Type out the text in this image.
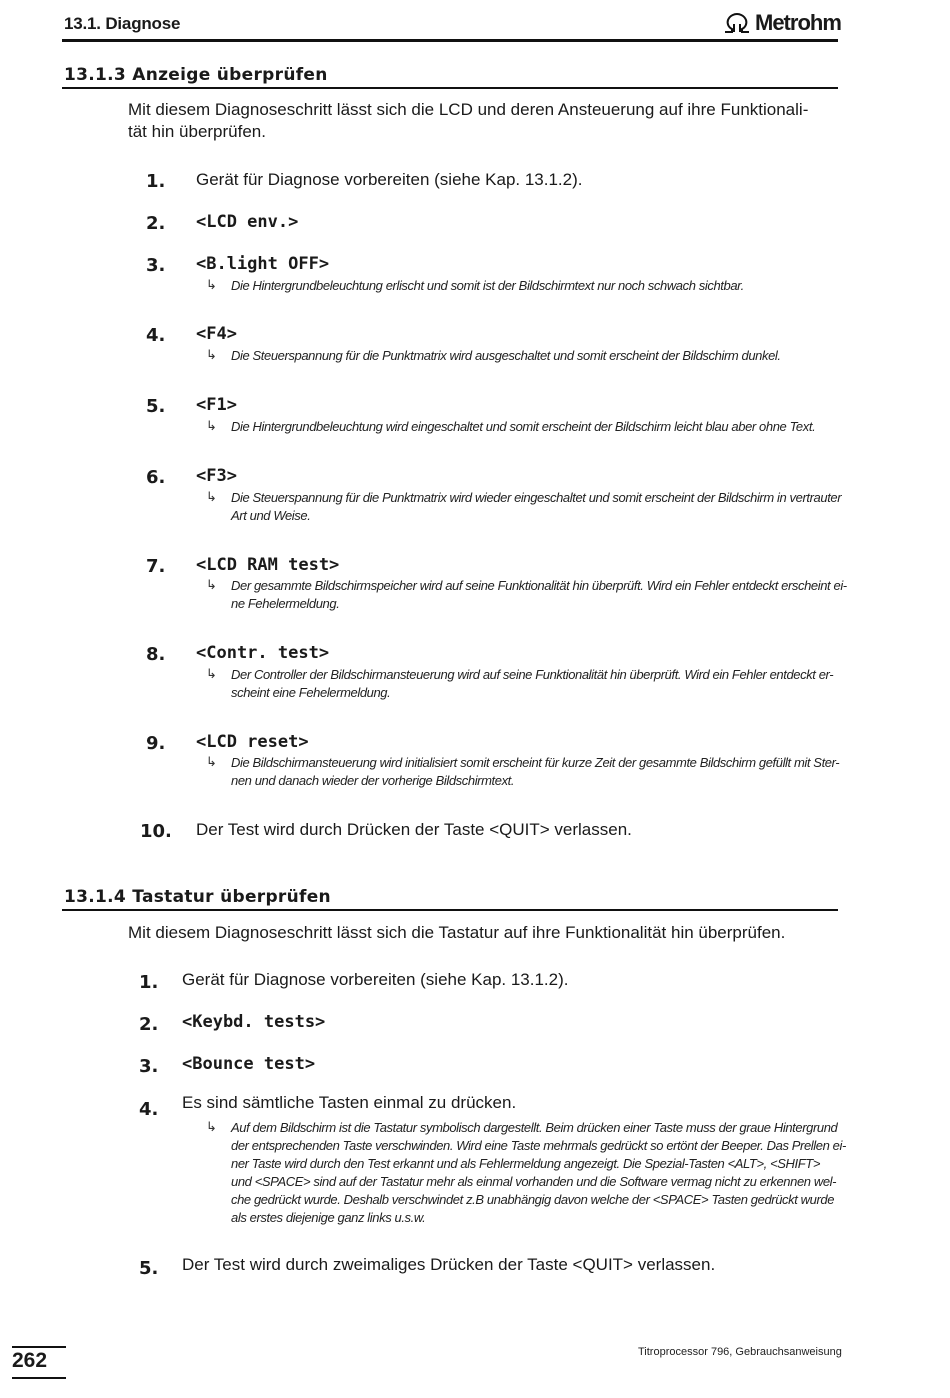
13.1. Diagnose	Metrohm
13.1.3 Anzeige überprüfen
Mit diesem Diagnoseschritt lässt sich die LCD und deren Ansteuerung auf ihre Funktionali-
tät hin überprüfen.
1. Gerät für Diagnose vorbereiten (siehe Kap. 13.1.2).
2. <LCD env.>
3. <B.light OFF>
↳ Die Hintergrundbeleuchtung erlischt und somit ist der Bildschirmtext nur noch schwach sichtbar.
4. <F4>
↳ Die Steuerspannung für die Punktmatrix wird ausgeschaltet und somit erscheint der Bildschirm dunkel.
5. <F1>
↳ Die Hintergrundbeleuchtung wird eingeschaltet und somit erscheint der Bildschirm leicht blau aber ohne Text.
6. <F3>
↳ Die Steuerspannung für die Punktmatrix wird wieder eingeschaltet und somit erscheint der Bildschirm in vertrauter
Art und Weise.
7. <LCD RAM test>
↳ Der gesammte Bildschirmspeicher wird auf seine Funktionalität hin überprüft. Wird ein Fehler entdeckt erscheint ei-
ne Fehelermeldung.
8. <Contr. test>
↳ Der Controller der Bildschirmansteuerung wird auf seine Funktionalität hin überprüft. Wird ein Fehler entdeckt er-
scheint eine Fehelermeldung.
9. <LCD reset>
↳ Die Bildschirmansteuerung wird initialisiert somit erscheint für kurze Zeit der gesammte Bildschirm gefüllt mit Ster-
nen und danach wieder der vorherige Bildschirmtext.
10. Der Test wird durch Drücken der Taste <QUIT> verlassen.
13.1.4 Tastatur überprüfen
Mit diesem Diagnoseschritt lässt sich die Tastatur auf ihre Funktionalität hin überprüfen.
1. Gerät für Diagnose vorbereiten (siehe Kap. 13.1.2).
2. <Keybd. tests>
3. <Bounce test>
4. Es sind sämtliche Tasten einmal zu drücken.
↳ Auf dem Bildschirm ist die Tastatur symbolisch dargestellt. Beim drücken einer Taste muss der graue Hintergrund
der entsprechenden Taste verschwinden. Wird eine Taste mehrmals gedrückt so ertönt der Beeper. Das Prellen ei-
ner Taste wird durch den Test erkannt und als Fehlermeldung angezeigt. Die Spezial-Tasten <ALT>, <SHIFT>
und <SPACE> sind auf der Tastatur mehr als einmal vorhanden und die Software vermag nicht zu erkennen wel-
che gedrückt wurde. Deshalb verschwindet z.B unabhängig davon welche der <SPACE> Tasten gedrückt wurde
als erstes diejenige ganz links u.s.w.
5. Der Test wird durch zweimaliges Drücken der Taste <QUIT> verlassen.
262	Titroprocessor 796, Gebrauchsanweisung
